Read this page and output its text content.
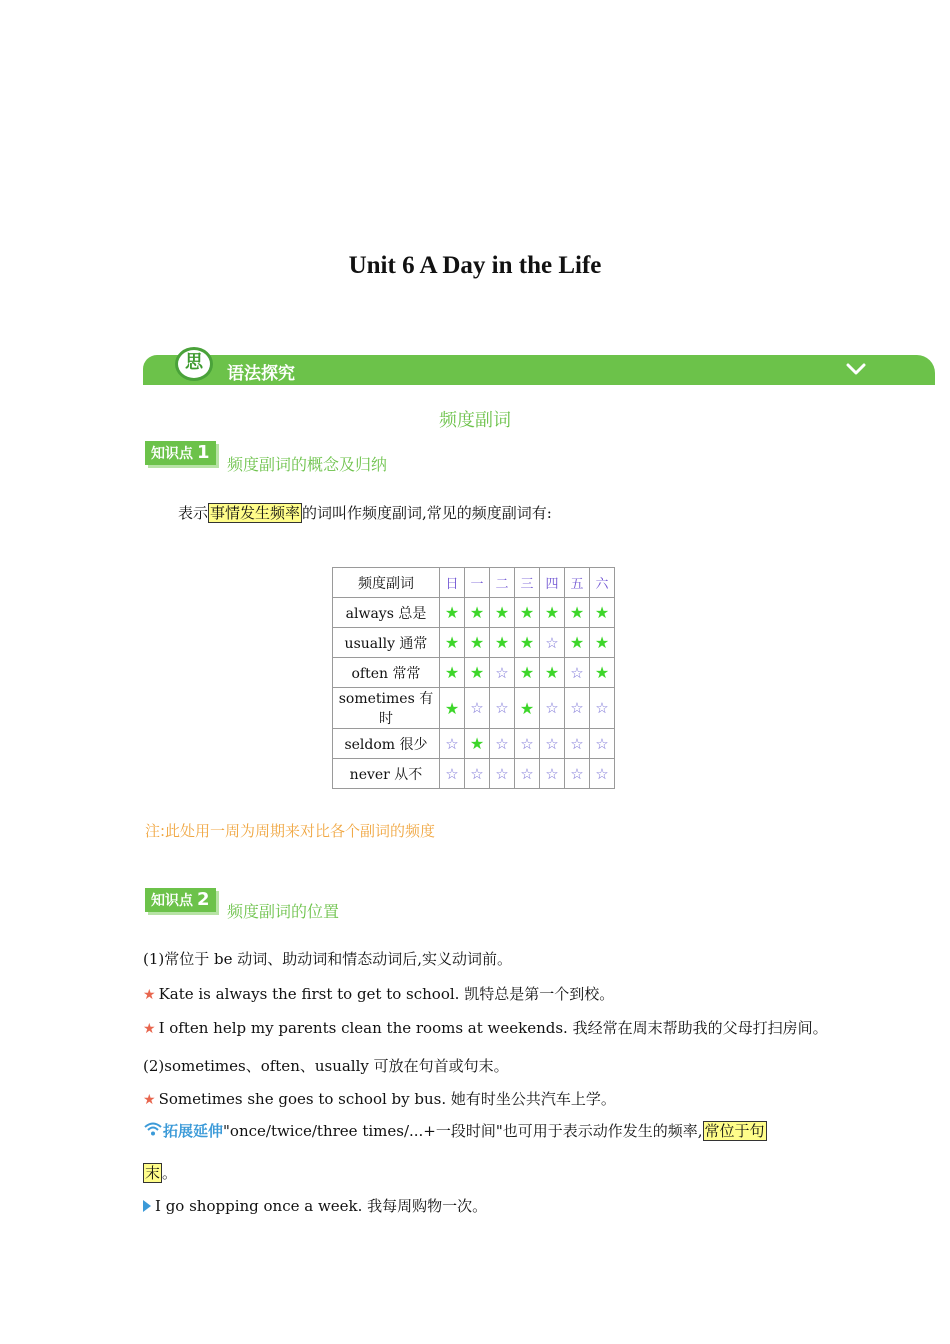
Unit 6 A Day in the Life
思
语法探究
频度副词
知识点 1
频度副词的概念及归纳
表示 事情发生频率 的词叫作频度副词,常见的频度副词有:
频度副词	日	一	二	三	四	五	六
always 总是	★	★	★	★	★	★	★
usually 通常	★	★	★	★	☆	★	★
often 常常	★	★	☆	★	★	☆	★
sometimes 有时	★	☆	☆	★	☆	☆	☆
seldom 很少	☆	★	☆	☆	☆	☆	☆
never 从不	☆	☆	☆	☆	☆	☆	☆
注:此处用一周为周期来对比各个副词的频度
知识点 2
频度副词的位置
(1)常位于 be 动词、助动词和情态动词后,实义动词前。
★ Kate is always the first to get to school. 凯特总是第一个到校。
★ I often help my parents clean the rooms at weekends. 我经常在周末帮助我的父母打扫房间。
(2)sometimes、often、usually 可放在句首或句末。
★ Sometimes she goes to school by bus. 她有时坐公共汽车上学。
拓展延伸"once/twice/three times/...+一段时间"也可用于表示动作发生的频率, 常位于句
末 。
I go shopping once a week. 我每周购物一次。
